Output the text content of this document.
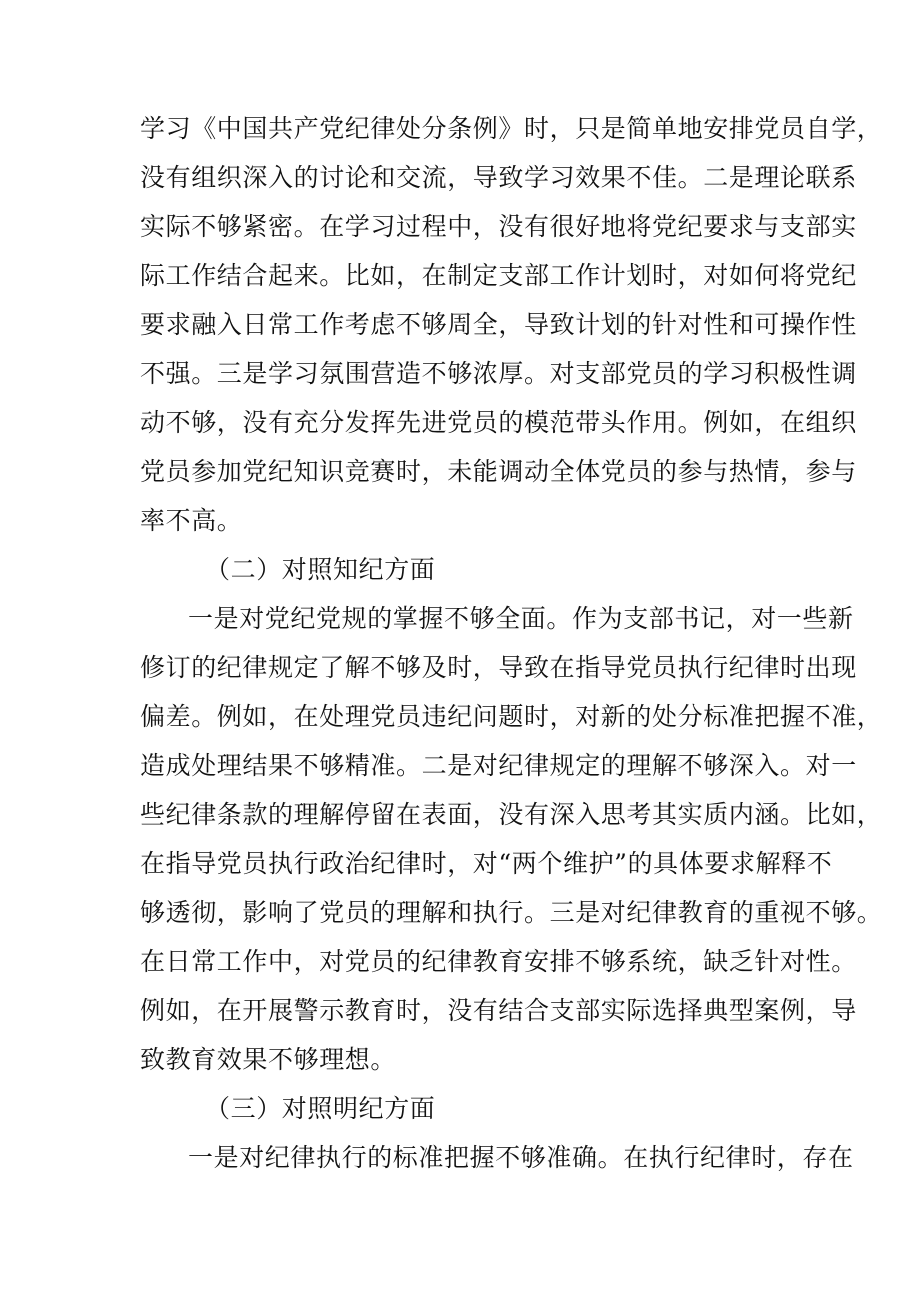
学习《中国共产党纪律处分条例》时，只是简单地安排党员自学，
没有组织深入的讨论和交流，导致学习效果不佳。二是理论联系
实际不够紧密。在学习过程中，没有很好地将党纪要求与支部实
际工作结合起来。比如，在制定支部工作计划时，对如何将党纪
要求融入日常工作考虑不够周全，导致计划的针对性和可操作性
不强。三是学习氛围营造不够浓厚。对支部党员的学习积极性调
动不够，没有充分发挥先进党员的模范带头作用。例如，在组织
党员参加党纪知识竞赛时，未能调动全体党员的参与热情，参与
率不高。
（二）对照知纪方面
一是对党纪党规的掌握不够全面。作为支部书记，对一些新
修订的纪律规定了解不够及时，导致在指导党员执行纪律时出现
偏差。例如，在处理党员违纪问题时，对新的处分标准把握不准，
造成处理结果不够精准。二是对纪律规定的理解不够深入。对一
些纪律条款的理解停留在表面，没有深入思考其实质内涵。比如，
在指导党员执行政治纪律时，对“两个维护”的具体要求解释不
够透彻，影响了党员的理解和执行。三是对纪律教育的重视不够。
在日常工作中，对党员的纪律教育安排不够系统，缺乏针对性。
例如，在开展警示教育时，没有结合支部实际选择典型案例，导
致教育效果不够理想。
（三）对照明纪方面
一是对纪律执行的标准把握不够准确。在执行纪律时，存在
